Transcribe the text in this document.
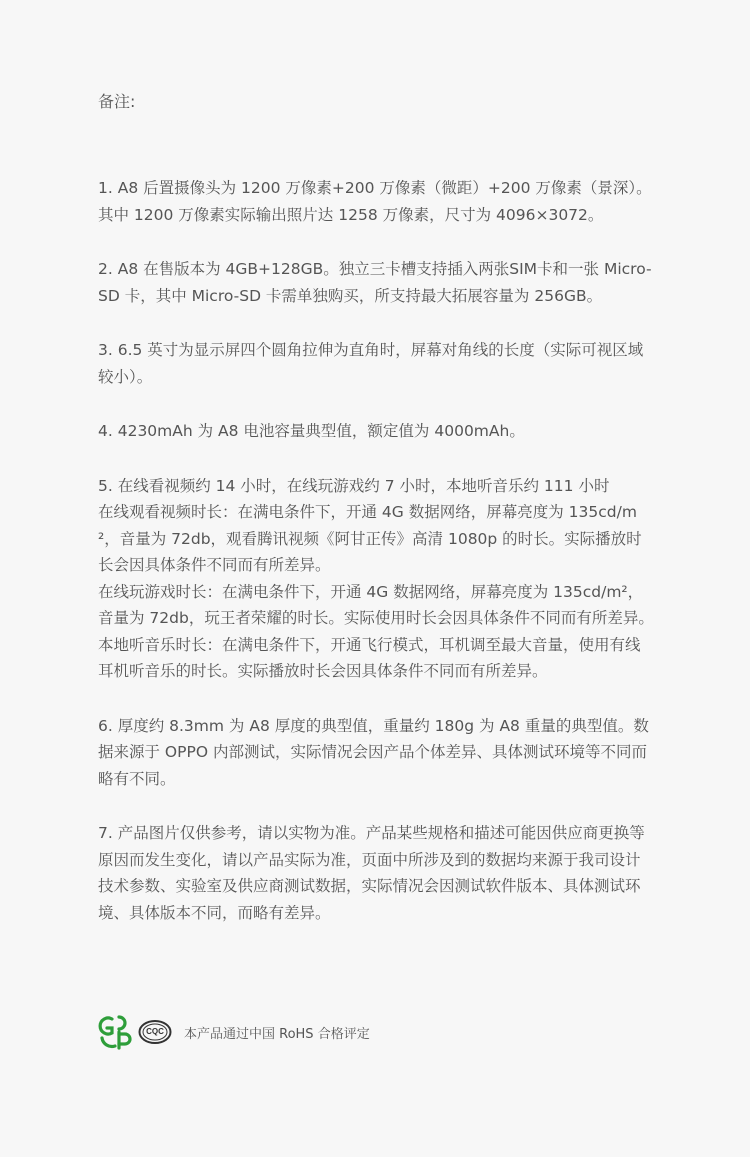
备注:

1. A8 后置摄像头为 1200 万像素+200 万像素（微距）+200 万像素（景深）。其中 1200 万像素实际输出照片达 1258 万像素，尺寸为 4096×3072。

2. A8 在售版本为 4GB+128GB。独立三卡槽支持插入两张SIM卡和一张 Micro-SD 卡，其中 Micro-SD 卡需单独购买，所支持最大拓展容量为 256GB。

3. 6.5 英寸为显示屏四个圆角拉伸为直角时，屏幕对角线的长度（实际可视区域较小）。

4. 4230mAh 为 A8 电池容量典型值，额定值为 4000mAh。

5. 在线看视频约 14 小时，在线玩游戏约 7 小时，本地听音乐约 111 小时

在线观看视频时长：在满电条件下，开通 4G 数据网络，屏幕亮度为 135cd/m²，音量为 72db，观看腾讯视频《阿甘正传》高清 1080p 的时长。实际播放时长会因具体条件不同而有所差异。

在线玩游戏时长：在满电条件下，开通 4G 数据网络，屏幕亮度为 135cd/m²，音量为 72db，玩王者荣耀的时长。实际使用时长会因具体条件不同而有所差异。

本地听音乐时长：在满电条件下，开通飞行模式，耳机调至最大音量，使用有线耳机听音乐的时长。实际播放时长会因具体条件不同而有所差异。

6. 厚度约 8.3mm 为 A8 厚度的典型值，重量约 180g 为 A8 重量的典型值。数据来源于 OPPO 内部测试，实际情况会因产品个体差异、具体测试环境等不同而略有不同。

7. 产品图片仅供参考，请以实物为准。产品某些规格和描述可能因供应商更换等原因而发生变化，请以产品实际为准，页面中所涉及到的数据均来源于我司设计技术参数、实验室及供应商测试数据，实际情况会因测试软件版本、具体测试环境、具体版本不同，而略有差异。

CQC 本产品通过中国 RoHS 合格评定
